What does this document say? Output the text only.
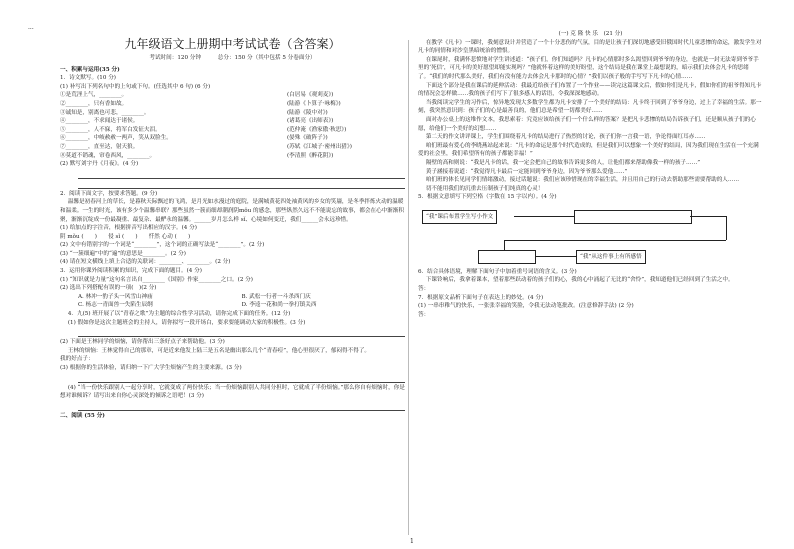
...
九年级语文上册期中考试试卷（含答案）
考试时间：120 分钟　　　总分：150 分（其中包括 5 分卷面分）
一、积累与运用(35 分)
1．诗文默写。(10 分)
(1) 补写出下列名句中的上句或下句。(任选其中 6 句) (6 分)
①是荒淫上气，________。	(白居易《观刈麦》)
②________，只有香如故。	(陆游《卜算子·咏梅》)
③诚知是，别离也可悲，________。	(陆游《陵中对》)
④________，不求闻达于诸侯。	(诸葛亮《出师表》)
⑤________，人不寐，将军白发征夫泪。	(范仲淹《渔家傲·秋思》)
⑥________，中岐赦赦一两声，笑从双脸生。	(晏殊《破阵子》)
⑦________，直至达，射天狼。	(苏轼《江城子·密州出猎》)
⑧莫道不销魂，帘卷西风，________。	(李清照《醉花阴》)
(2) 默写刘宇丹《月夜》。(4 分)
2．阅读下面文字，按要求答题。(9 分)
温馨是初春河上的草长，是暮秋天际飘过的飞鸿，是月光如水漫过的庭院，是满城黄花四处袖黄风的乡女的笑靥，是冬季拌炼火动的温暖和温柔。一生的时光，该有多少个温馨串联？那些虽然一簇而细却潮润阴mǒu 的感念，那些纵然久远不不能说忘的故事，都会在心中渐渐积聚，渐渐沉绽成一份最凝重、最复杂、最酽永的温馨。______岁月怎么样 sǐ、心境如何变迁，我们______会永远珍惜。
(1) 给加点的字注音，根据拼音写出相应的汉字。(4 分)
阴 mǒu (　　)　　侵 sǐ (　　)　　忏然 心动 (　　)
(2) 文中有错别字的一个词是“________”，这个词的正确写法是“________”。(2 分)
(3) “一簇细遍”中的“遍”的意思是________。(2 分)
(4) 请在短文横线上填上合适的关联词：________、________。(2 分)
3．运用你课外阅读积累的知识，完成下面的题目。(4 分)
(1) “知识就是力量”这句名言出自________《国别》作家________之口。(2 分)
(2) 选出下列搭配有误的一项(　)(2 分)
A. 林冲一豹子头一风雪山神庙	B. 武松一行者一斗杀西门庆
C. 杨志一青面兽一失陷生辰纲	D. 李逵一花和尚一拳打镇关西
4．九(5) 班开展了以“青春之歌”为主题的综合性学习活动，请你完成下面的任务。(12 分)
(1) 假如你是这次主题班会的主持人，请你拟写一段开场白，要求要能调动大家的积极性。(3 分)
(2) 下面是王林同学的烦恼，请你帮出三条好点子来帮助他。(3 分)
王林的烦恼：王林觉得自己的那章，可是近来他发上陆三是五名是幽出那么几个“青春痘”，他心里很厌了，郁闷得不得了。
我的好点子：
(3) 根据你的生活体验，请归纳一下广大学生烦恼产生的主要来源。(3 分)
(4) “当一份快乐跟别人一起分享时，它就变成了两份快乐；当一份烦恼跟别人共同分担时，它就成了半份烦恼。”那么你自有烦恼时，你是想对谁倾诉？请写出来自你心灵深处的倾诉之语吧！(3 分)
二、阅读 (55 分)
(一) 克 隆 快 乐　(21 分)
在教学《凡卡》一课时，我刻意设计并营造了一个十分悲伤的气氛，目的是让孩子们深切地感受旧俄国时代儿童悲惨的命运，激发学生对凡卡的同情和对沙皇黑暗统治的憎恨。
在课尾时，我满怀悲愤地对学生讲述道：“孩子们，你们知道吗？凡卡的心情那时多么渴望回到爷爷的身边，也就是一封无法寄到爷爷手里的‘死信’，可凡卡的美好愿望却能实现吗？”他就怀着这样的美好盼望，这个结局是我在课堂上最想说的，暗示我们去体会凡卡的思绪了。“我们的时代那么美好，我们有没有能力去体会凡卡那时的心情？”我们以孩子般的手写写下凡卡的心情……
下面这个部分是我在课后的延伸活动：我最近给孩子们布置了一个作业——读完这篇课文后，假如你们是凡卡，假如你们的祖爷得知凡卡的情况会怎样做……我的孩子们写下了很多感人的话语，令我深深地感动。
当我阅读完学生的习作后，惊异地发现大多数学生都为凡卡安排了一个美好的结局：凡卡终于回到了爷爷身边，过上了幸福的生活。那一刻，我突然意识到：孩子们的心是最善良的，他们总是希望一切都美好……
面对办公桌上的这堆作文本，我思索着：究竟应该给孩子们一个什么样的答案？是把凡卡悲惨的结局告诉孩子们，还是顺从孩子们的心愿，给他们一个美好的幻想……
第二天的作文讲评课上，学生们围绕着凡卡的结局进行了热烈的讨论，孩子们你一言我一语，争论得面红耳赤……
咱们班最有爱心的李晓燕站起来说：“凡卡的命运是那个时代造成的，但是我们可以想象一个美好的结局，因为我们现在生活在一个充满爱的社会里，我们希望所有的孩子都能幸福！”
隔壁的高和则说：“我是凡卡的话，我一定会把自己的故事告诉更多的人，让他们都来帮助像我一样的孩子……”
黄子涵接着说道：“我觉得凡卡最后一定能回到爷爷身边，因为爷爷那么爱他……”
咱们班的体长见同学们情绪激动，接过话题说：我们应该珍惜现在的幸福生活，并且用自己的行动去帮助那些需要帮助的人……
切不能用我们的沉重去压制孩子们纯真的心灵！
5．根据文意填写下列空格（字数在 15 字以内）。(4 分)
“我”课后布置学生写小作文
“我”从这件事上有所感悟
6．结合具体语境，理解下面句子中加着重号词语的含义。(3 分)
下课铃响后，我拿着课本，望着那些跃动着的孩子们的心，我的心中涌起了无比的“舍怜”，我知道他们已经回到了生活之中。
答：
7．根据原文品析下面句子在表达上的妙处。(4 分)
(1) 一串串稚气的快乐，一张张幸福的笑脸，令我无法动笔批改。(注意修辞手法) (2 分)
答：
1
